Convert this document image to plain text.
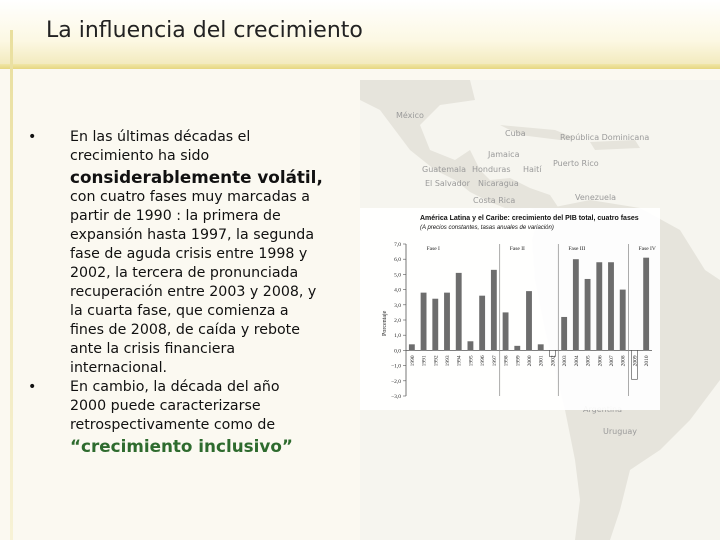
México
Cuba	República Dominicana
Jamaica
Haití
Honduras
Guatemala
Puerto Rico
El Salvador Nicaragua
Costa Rica	Venezuela
Uruguay
La influencia del crecimiento
• En las últimas décadas el
crecimiento ha sido
considerablemente volátil,
con cuatro fases muy marcadas a
partir de 1990 : la primera de
expansión hasta 1997, la segunda
fase de aguda crisis entre 1998 y
2002, la tercera de pronunciada
recuperación entre 2003 y 2008, y
la cuarta fase, que comienza a
fines de 2008, de caída y rebote
ante la crisis financiera
internacional.
• En cambio, la década del año
2000 puede caracterizarse
retrospectivamente como de
“crecimiento inclusivo”
América Latina y el Caribe: crecimiento del PIB total, cuatro fases
(A precios constantes, tasas anuales de variación)
Porcentaje
7,0
6,0
5,0
4,0
3,0
2,0
1,0
0,0
−1,0
−2,0
−3,0
1990 1991 1992 1993 1994 1995 1996 1997 1998 1999 2000 2001 2002 2003 2004 2005 2006 2007 2008 2009 2010
Fase I	Fase II	Fase III	Fase IV
